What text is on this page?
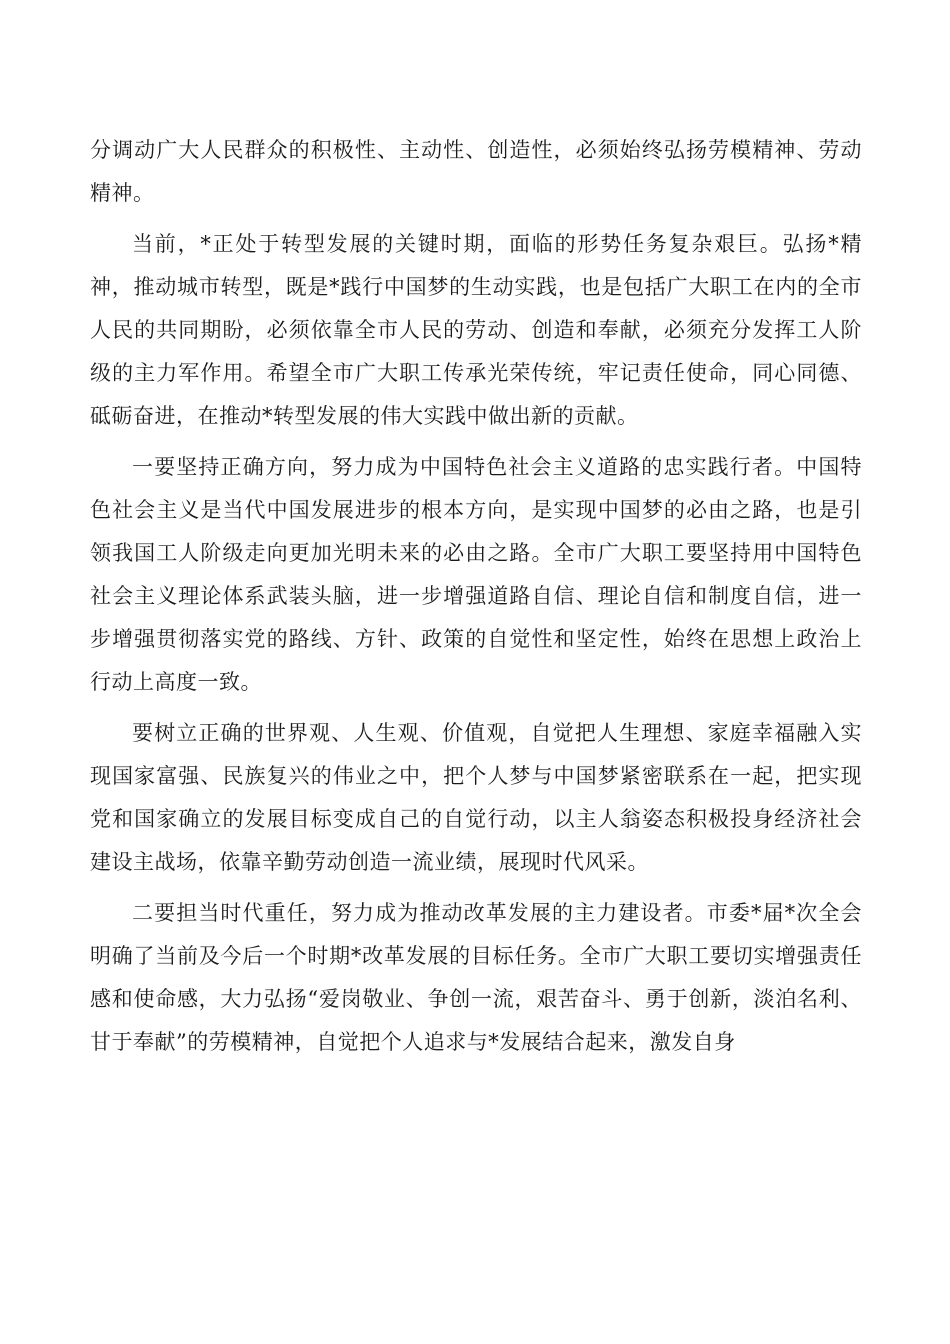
分调动广大人民群众的积极性、主动性、创造性，必须始终弘扬劳模精神、劳动精神。

当前，*正处于转型发展的关键时期，面临的形势任务复杂艰巨。弘扬*精神，推动城市转型，既是*践行中国梦的生动实践，也是包括广大职工在内的全市人民的共同期盼，必须依靠全市人民的劳动、创造和奉献，必须充分发挥工人阶级的主力军作用。希望全市广大职工传承光荣传统，牢记责任使命，同心同德、砥砺奋进，在推动*转型发展的伟大实践中做出新的贡献。

一要坚持正确方向，努力成为中国特色社会主义道路的忠实践行者。中国特色社会主义是当代中国发展进步的根本方向，是实现中国梦的必由之路，也是引领我国工人阶级走向更加光明未来的必由之路。全市广大职工要坚持用中国特色社会主义理论体系武装头脑，进一步增强道路自信、理论自信和制度自信，进一步增强贯彻落实党的路线、方针、政策的自觉性和坚定性，始终在思想上政治上行动上高度一致。

要树立正确的世界观、人生观、价值观，自觉把人生理想、家庭幸福融入实现国家富强、民族复兴的伟业之中，把个人梦与中国梦紧密联系在一起，把实现党和国家确立的发展目标变成自己的自觉行动，以主人翁姿态积极投身经济社会建设主战场，依靠辛勤劳动创造一流业绩，展现时代风采。

二要担当时代重任，努力成为推动改革发展的主力建设者。市委*届*次全会明确了当前及今后一个时期*改革发展的目标任务。全市广大职工要切实增强责任感和使命感，大力弘扬“爱岗敬业、争创一流，艰苦奋斗、勇于创新，淡泊名利、甘于奉献”的劳模精神，自觉把个人追求与*发展结合起来，激发自身
